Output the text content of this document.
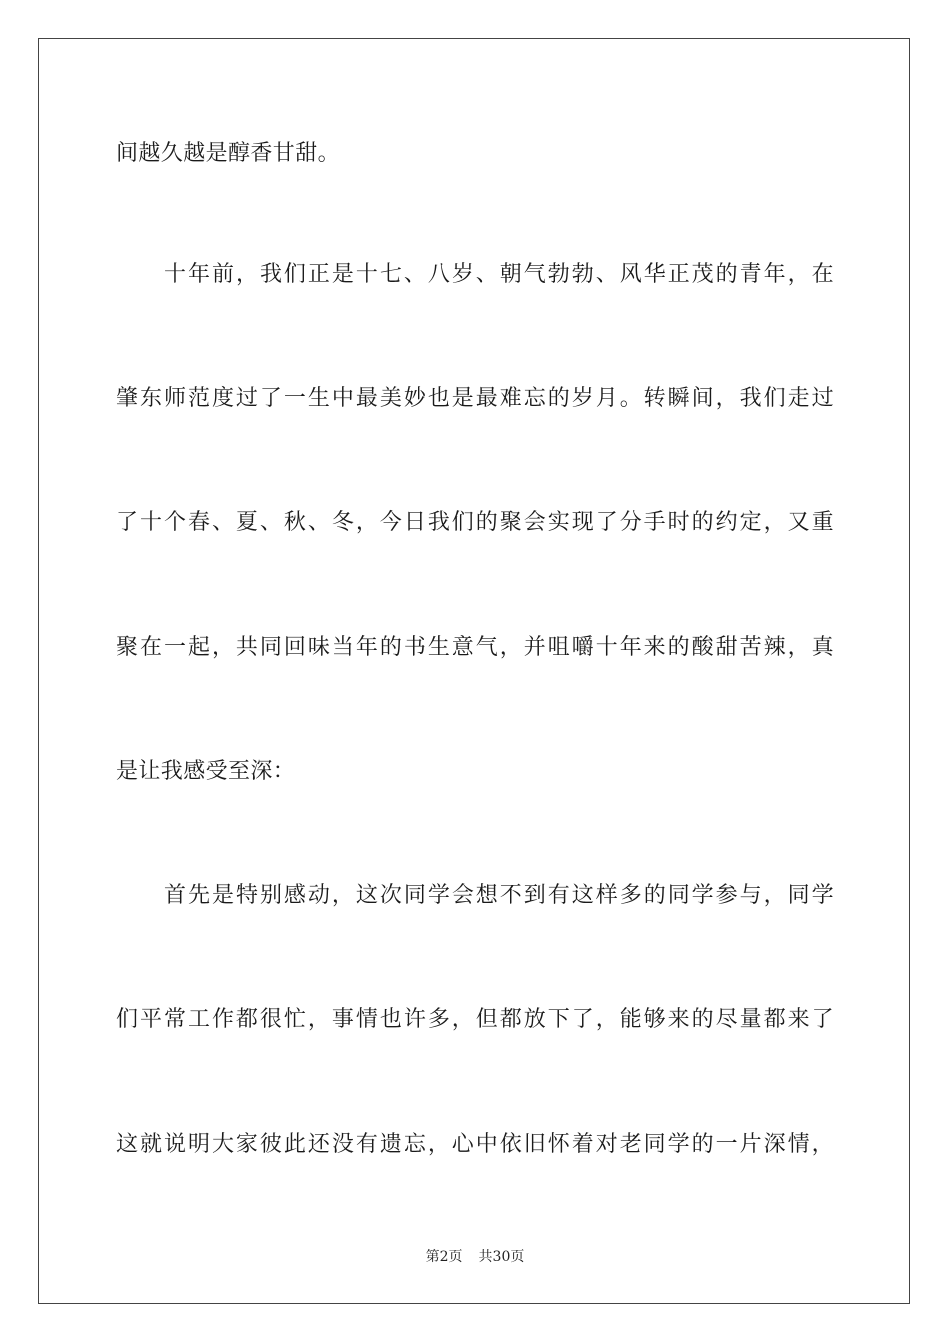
间越久越是醇香甘甜。
十年前，我们正是十七、八岁、朝气勃勃、风华正茂的青年，在
肇东师范度过了一生中最美妙也是最难忘的岁月。转瞬间，我们走过
了十个春、夏、秋、冬，今日我们的聚会实现了分手时的约定，又重
聚在一起，共同回味当年的书生意气，并咀嚼十年来的酸甜苦辣，真
是让我感受至深：
首先是特别感动，这次同学会想不到有这样多的同学参与，同学
们平常工作都很忙，事情也许多，但都放下了，能够来的尽量都来了
这就说明大家彼此还没有遗忘，心中依旧怀着对老同学的一片深情，
第2页 共30页
